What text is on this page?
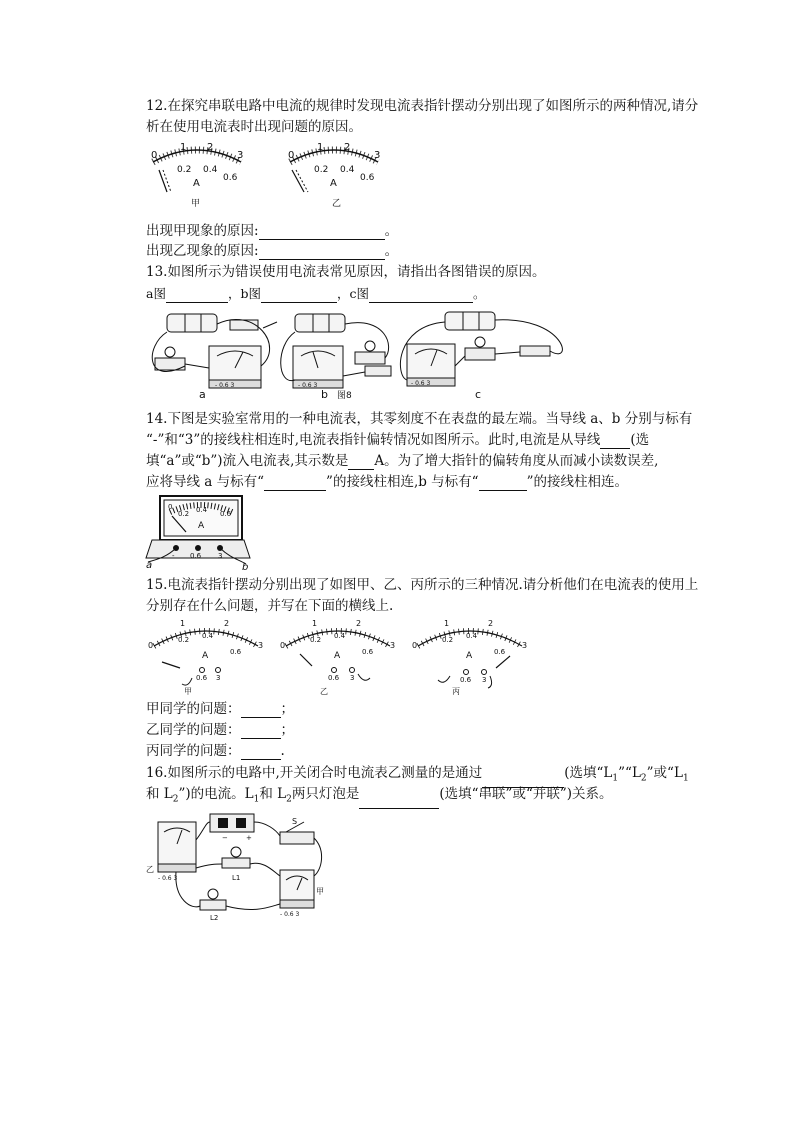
12.在探究串联电路中电流的规律时发现电流表指针摆动分别出现了如图所示的两种情况,请分
析在使用电流表时出现问题的原因。
0
1 2
3
0.2 0.4
0.6
A
甲
0
1 2
3
0.2 0.4
0.6
A
乙
出现甲现象的原因:	。
出现乙现象的原因:	。
13.如图所示为错误使用电流表常见原因，请指出各图错误的原因。
a图	，b图	，c图	。
- 0.6 3
a
- 0.6 3
b 图8
- 0.6 3
c
14.下图是实验室常用的一种电流表，其零刻度不在表盘的最左端。当导线 a、b 分别与标有
“-”和“3”的接线柱相连时,电流表指针偏转情况如图所示。此时,电流是从导线 (选
填“a”或“b”)流入电流表,其示数是 A。为了增大指针的偏转角度从而减小读数误差,
应将导线 a 与标有“	”的接线柱相连,b 与标有“	”的接线柱相连。
0
0.2 0.4 0.6
A
- 0.6 3
a	b
15.电流表指针摆动分别出现了如图甲、乙、丙所示的三种情况.请分析他们在电流表的使用上
分别存在什么问题，并写在下面的横线上.
0
1	2
3
0.2 0.4
0.6
A
0.6 3
甲
0
1	2
3
0.2 0.4
0.6
A
0.6 3
乙
0
1	2
3
0.2 0.4
0.6
A
0.6 3
丙
甲同学的问题：	；
乙同学的问题：	；
丙同学的问题：	.
16.如图所示的电路中,开关闭合时电流表乙测量的是通过	(选填“$L_1”“L_2$”或“$L_1$
和 $L_2$”)的电流。$L_1$和 $L_2$两只灯泡是	(选填“串联”或“并联”)关系。
−	+
S
- 0.6 3
乙
L1
L2	- 0.6 3
甲
